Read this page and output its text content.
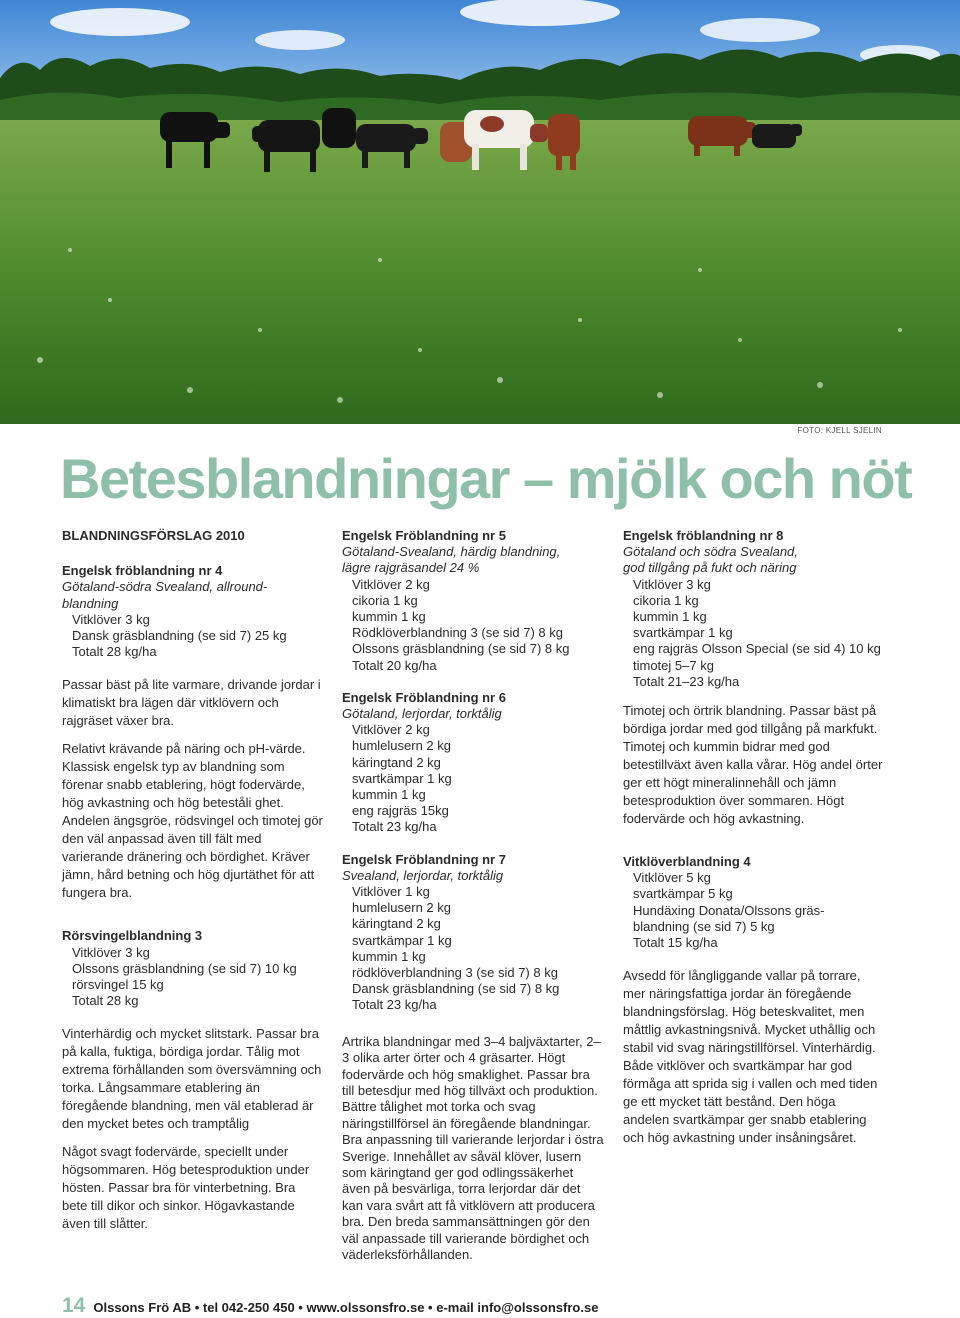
FOTO: KJELL SJELIN
Betesblandningar – mjölk och nöt
BLANDNINGSFÖRSLAG 2010
Engelsk fröblandning nr 4
Götaland-södra Svealand, allround-
blandning
Vitklöver 3 kg
Dansk gräsblandning (se sid 7) 25 kg
Totalt 28 kg/ha

Passar bäst på lite varmare, drivande jordar i klimatiskt bra lägen där vitklövern och rajgräset växer bra.

Relativt krävande på näring och pH-värde. Klassisk engelsk typ av blandning som förenar snabb etablering, högt fodervärde, hög avkastning och hög beteståli ghet. Andelen ängsgröe, rödsvingel och timotej gör den väl anpassad även till fält med varierande dränering och bördighet. Kräver jämn, hård betning och hög djurtäthet för att fungera bra.

Rörsvingelblandning 3
Vitklöver 3 kg
Olssons gräsblandning (se sid 7) 10 kg
rörsvingel 15 kg
Totalt 28 kg

Vinterhärdig och mycket slitstark. Passar bra på kalla, fuktiga, bördiga jordar. Tålig mot extrema förhållanden som översvämning och torka. Långsammare etablering än föregående blandning, men väl etablerad är den mycket betes och tramptålig

Något svagt fodervärde, speciellt under högsommaren. Hög betesproduktion under hösten. Passar bra för vinterbetning. Bra bete till dikor och sinkor. Högavkastande även till slåtter.

Engelsk Fröblandning nr 5
Götaland-Svealand, härdig blandning,
lägre rajgräsandel 24 %
Vitklöver 2 kg
cikoria 1 kg
kummin 1 kg
Rödklöverblandning 3 (se sid 7) 8 kg
Olssons gräsblandning (se sid 7) 8 kg
Totalt 20 kg/ha
Engelsk Fröblandning nr 6
Götaland, lerjordar, torktålig
Vitklöver 2 kg
humlelusern 2 kg
käringtand 2 kg
svartkämpar 1 kg
kummin 1 kg
eng rajgräs 15kg
Totalt 23 kg/ha
Engelsk Fröblandning nr 7
Svealand, lerjordar, torktålig
Vitklöver 1 kg
humlelusern 2 kg
käringtand 2 kg
svartkämpar 1 kg
kummin 1 kg
rödklöverblandning 3 (se sid 7) 8 kg
Dansk gräsblandning (se sid 7) 8 kg
Totalt 23 kg/ha

Artrika blandningar med 3–4 baljväxtarter, 2–3 olika arter örter och 4 gräsarter. Högt fodervärde och hög smaklighet. Passar bra till betesdjur med hög tillväxt och produktion. Bättre tålighet mot torka och svag näringstillförsel än föregående blandningar. Bra anpassning till varierande lerjordar i östra Sverige. Innehållet av såväl klöver, lusern som käringtand ger god odlingssäkerhet även på besvärliga, torra lerjordar där det kan vara svårt att få vitklövern att producera bra. Den breda sammansättningen gör den väl anpassade till varierande bördighet och väderleksförhållanden.

Engelsk fröblandning nr 8
Götaland och södra Svealand,
god tillgång på fukt och näring
Vitklöver 3 kg
cikoria 1 kg
kummin 1 kg
svartkämpar 1 kg
eng rajgräs Olsson Special (se sid 4) 10 kg
timotej 5–7 kg
Totalt 21–23 kg/ha

Timotej och örtrik blandning. Passar bäst på bördiga jordar med god tillgång på markfukt. Timotej och kummin bidrar med god betestillväxt även kalla vårar. Hög andel örter ger ett högt mineralinnehåll och jämn betesproduktion över sommaren. Högt fodervärde och hög avkastning.

Vitklöverblandning 4
Vitklöver 5 kg
svartkämpar 5 kg
Hundäxing Donata/Olssons gräs-
blandning (se sid 7) 5 kg
Totalt 15 kg/ha

Avsedd för långliggande vallar på torrare, mer näringsfattiga jordar än föregående blandningsförslag. Hög beteskvalitet, men måttlig avkastningsnivå. Mycket uthållig och stabil vid svag näringstillförsel. Vinterhärdig. Både vitklöver och svartkämpar har god förmåga att sprida sig i vallen och med tiden ge ett mycket tätt bestånd. Den höga andelen svartkämpar ger snabb etablering och hög avkastning under insåningsåret.

14 Olssons Frö AB • tel 042-250 450 • www.olssonsfro.se • e-mail info@olssonsfro.se
